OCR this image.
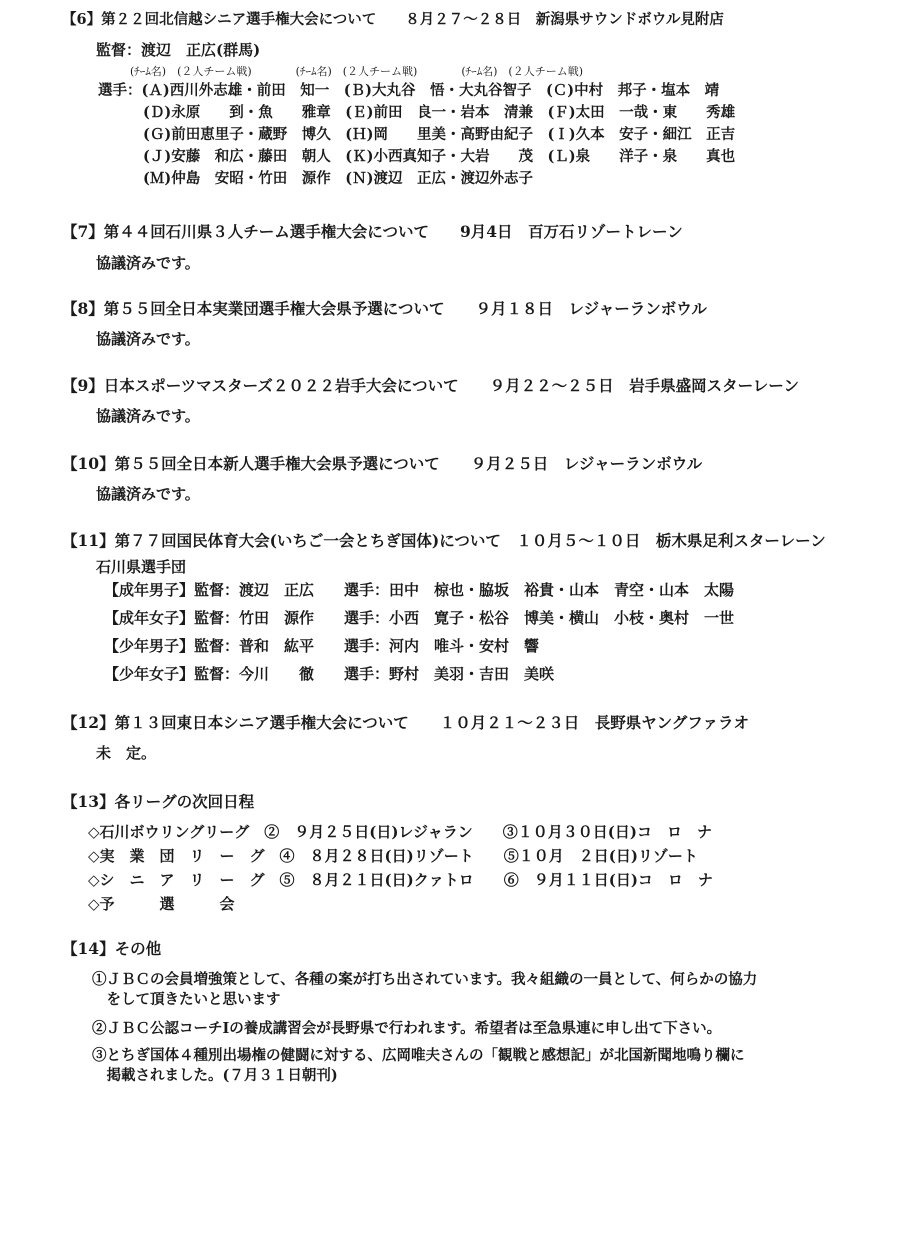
【6】第２２回北信越シニア選手権大会について　　８月２７～２８日　新潟県サウンドボウル見附店
監督：渡辺　正広(群馬)
(ﾁｰﾑ名)　(２人チーム戦)　　　　(ﾁｰﾑ名)　(２人チーム戦)　　　　(ﾁｰﾑ名)　(２人チーム戦)
選手：(Ａ)西川外志雄・前田　知一　(Ｂ)大丸谷　悟・大丸谷智子　(Ｃ)中村　邦子・塩本　靖
(Ｄ)永原　　到・魚　　雅章　(Ｅ)前田　良一・岩本　清兼　(Ｆ)太田　一哉・東　　秀雄
(Ｇ)前田恵里子・蔵野　博久　(Ｈ)岡　　里美・高野由紀子　(Ｉ)久本　安子・細江　正吉
(Ｊ)安藤　和広・藤田　朝人　(Ｋ)小西真知子・大岩　　茂　(Ｌ)泉　　洋子・泉　　真也
(Ｍ)仲島　安昭・竹田　源作　(Ｎ)渡辺　正広・渡辺外志子
【7】第４４回石川県３人チーム選手権大会について　　9月4日　百万石リゾートレーン
協議済みです。
【8】第５５回全日本実業団選手権大会県予選について　　９月１８日　レジャーランボウル
協議済みです。
【9】日本スポーツマスターズ２０２２岩手大会について　　９月２２～２５日　岩手県盛岡スターレーン
協議済みです。
【10】第５５回全日本新人選手権大会県予選について　　９月２５日　レジャーランボウル
協議済みです。
【11】第７７回国民体育大会(いちご一会とちぎ国体)について　１０月５～１０日　栃木県足利スターレーン
石川県選手団
【成年男子】監督：渡辺　正広　　選手：田中　椋也・脇坂　裕貴・山本　青空・山本　太陽
【成年女子】監督：竹田　源作　　選手：小西　寛子・松谷　博美・横山　小枝・奥村　一世
【少年男子】監督：普和　紘平　　選手：河内　唯斗・安村　響
【少年女子】監督：今川　　徹　　選手：野村　美羽・吉田　美咲
【12】第１３回東日本シニア選手権大会について　　１０月２１～２３日　長野県ヤングファラオ
未　定。
【13】各リーグの次回日程
◇石川ボウリングリーグ　②　９月２５日(日)レジャラン　　③１０月３０日(日)コ　ロ　ナ
◇実　業　団　リ　ー　グ　④　８月２８日(日)リゾート　　⑤１０月　２日(日)リゾート
◇シ　ニ　ア　リ　ー　グ　⑤　８月２１日(日)クァトロ　　⑥　９月１１日(日)コ　ロ　ナ
◇予　　　選　　　会
【14】その他
①ＪＢＣの会員増強策として、各種の案が打ち出されています。我々組織の一員として、何らかの協力
　をして頂きたいと思います
②ＪＢＣ公認コーチⅠの養成講習会が長野県で行われます。希望者は至急県連に申し出て下さい。
③とちぎ国体４種別出場権の健闘に対する、広岡唯夫さんの「観戦と感想記」が北国新聞地鳴り欄に
　掲載されました。(７月３１日朝刊)
